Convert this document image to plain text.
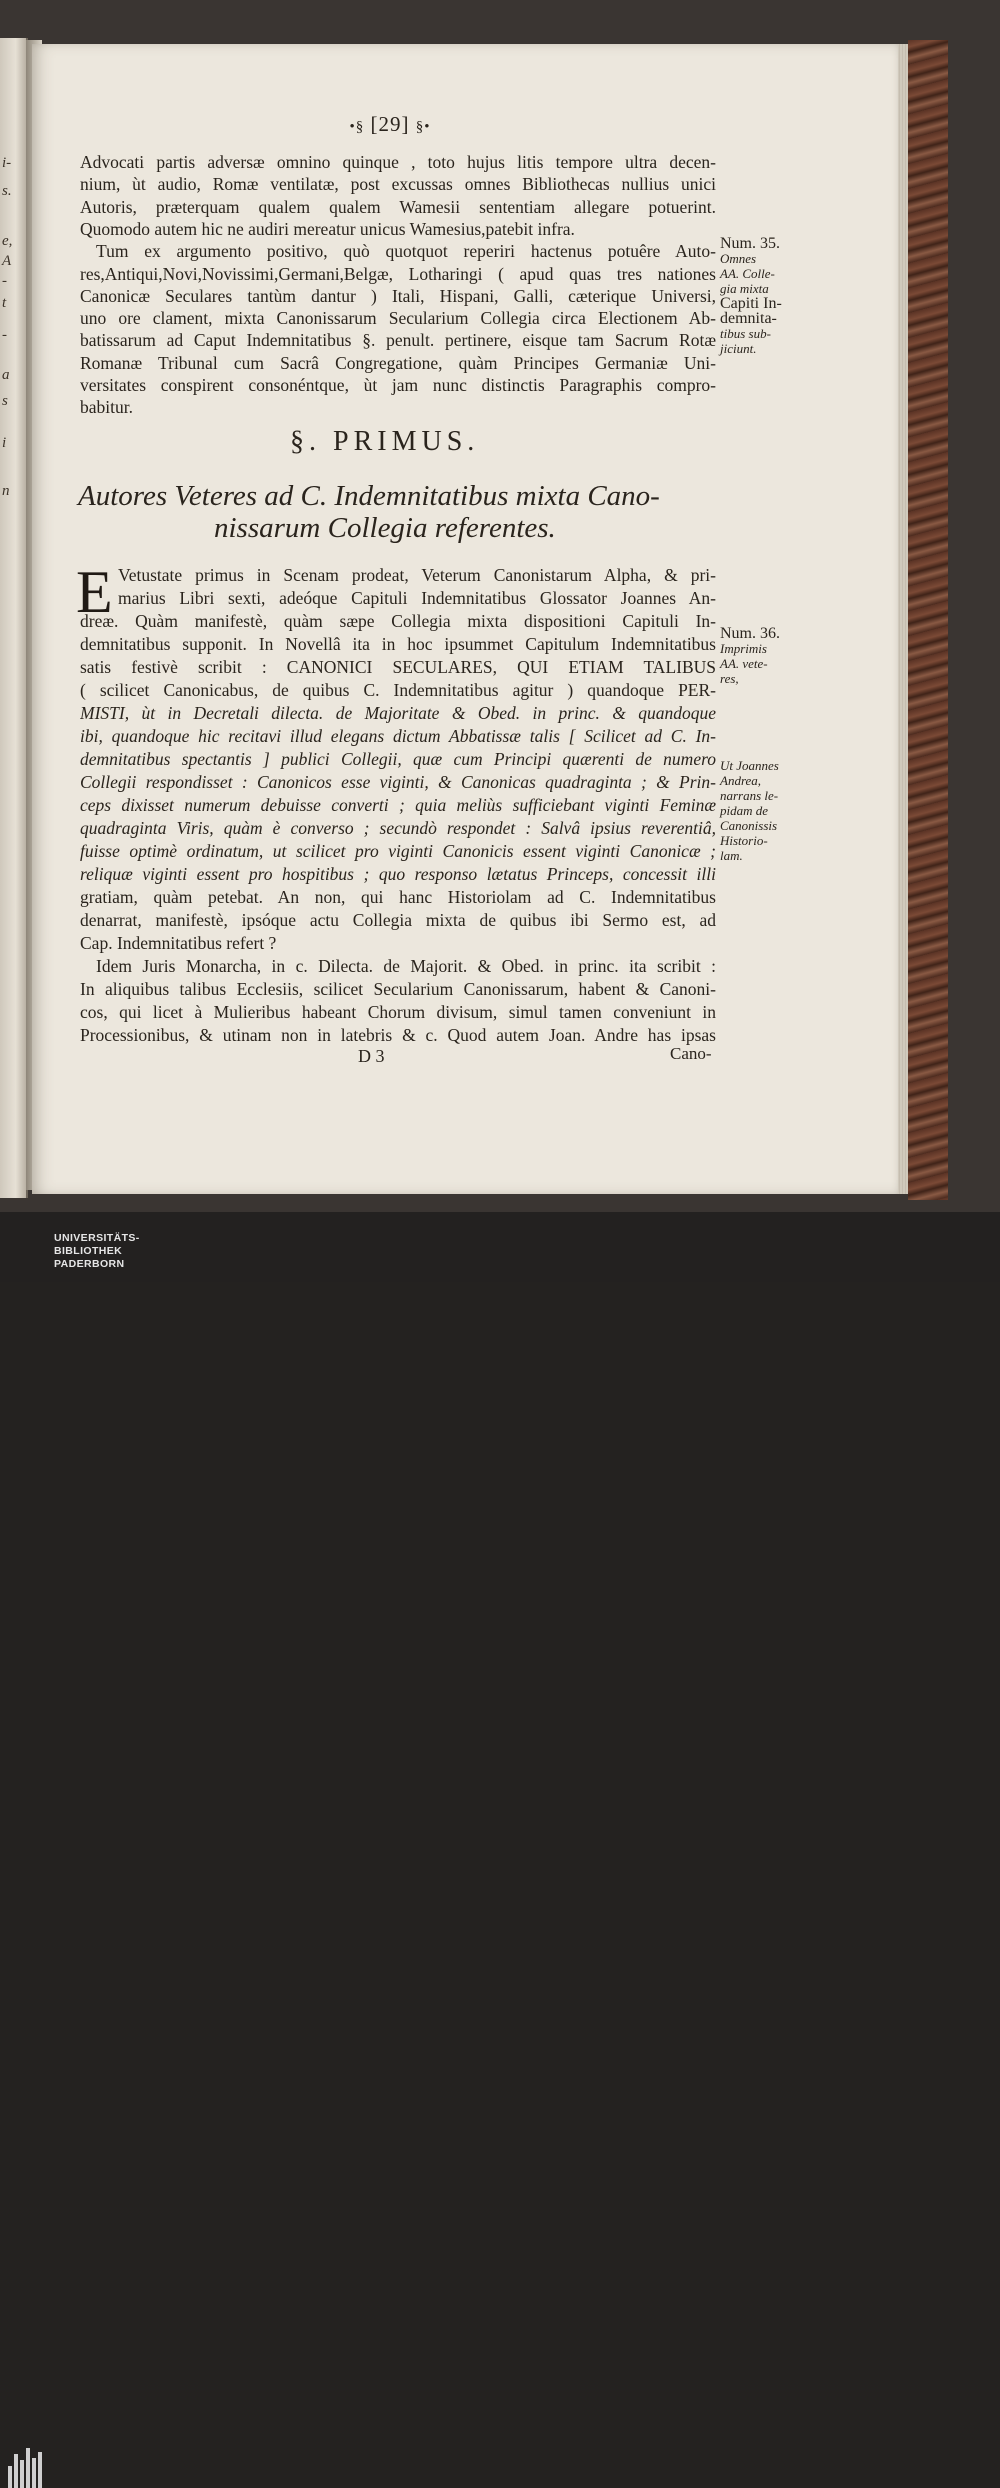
i-
s.
e,
A
-
t
-
a
s
i
n
•§ [29] §•
Advocati partis adversæ omnino quinque , toto hujus litis tempore ultra decen-
nium, ùt audio, Romæ ventilatæ, post excussas omnes Bibliothecas nullius unici
Autoris, præterquam qualem qualem Wamesii sententiam allegare potuerint.
Quomodo autem hic ne audiri mereatur unicus Wamesius,patebit infra.
Tum ex argumento positivo, quò quotquot reperiri hactenus potuêre Auto-
res,Antiqui,Novi,Novissimi,Germani,Belgæ, Lotharingi ( apud quas tres nationes
Canonicæ Seculares tantùm dantur ) Itali, Hispani, Galli, cæterique Universi,
uno ore clament, mixta Canonissarum Secularium Collegia circa Electionem Ab-
batissarum ad Caput Indemnitatibus §. penult. pertinere, eisque tam Sacrum Rotæ
Romanæ Tribunal cum Sacrâ Congregatione, quàm Principes Germaniæ Uni-
versitates conspirent consonéntque, ùt jam nunc distinctis Paragraphis compro-
babitur.
§. PRIMUS.
Autores Veteres ad C. Indemnitatibus mixta Cano-
nissarum Collegia referentes.
E Vetustate primus in Scenam prodeat, Veterum Canonistarum Alpha, & pri-
marius Libri sexti, adeóque Capituli Indemnitatibus Glossator Joannes An-
dreæ. Quàm manifestè, quàm sæpe Collegia mixta dispositioni Capituli In-
demnitatibus supponit. In Novellâ ita in hoc ipsummet Capitulum Indemnitatibus
satis festivè scribit : CANONICI SECULARES, QUI ETIAM TALIBUS
( scilicet Canonicabus, de quibus C. Indemnitatibus agitur ) quandoque PER-
MISTI, ùt in Decretali dilecta. de Majoritate & Obed. in princ. & quandoque
ibi, quandoque hic recitavi illud elegans dictum Abbatissæ talis [ Scilicet ad C. In-
demnitatibus spectantis ] publici Collegii, quæ cum Principi quærenti de numero
Collegii respondisset : Canonicos esse viginti, & Canonicas quadraginta ; & Prin-
ceps dixisset numerum debuisse converti ; quia meliùs sufficiebant viginti Feminæ
quadraginta Viris, quàm è converso ; secundò respondet : Salvâ ipsius reverentiâ,
fuisse optimè ordinatum, ut scilicet pro viginti Canonicis essent viginti Canonicæ ;
reliquæ viginti essent pro hospitibus ; quo responso lætatus Princeps, concessit illi
gratiam, quàm petebat. An non, qui hanc Historiolam ad C. Indemnitatibus
denarrat, manifestè, ipsóque actu Collegia mixta de quibus ibi Sermo est, ad
Cap. Indemnitatibus refert ?
Idem Juris Monarcha, in c. Dilecta. de Majorit. & Obed. in princ. ita scribit :
In aliquibus talibus Ecclesiis, scilicet Secularium Canonissarum, habent & Canoni-
cos, qui licet à Mulieribus habeant Chorum divisum, simul tamen conveniunt in
Processionibus, & utinam non in latebris & c. Quod autem Joan. Andre has ipsas
D 3	Cano-
Num. 35.
Omnes
AA. Colle-
gia mixta
Capiti In-
demnita-
tibus sub-
jiciunt.
Num. 36.
Imprimis
AA. vete-
res,
Ut Joannes
Andrea,
narrans le-
pidam de
Canonissis
Historio-
lam.
UNIVERSITÄTS-
BIBLIOTHEK
PADERBORN
